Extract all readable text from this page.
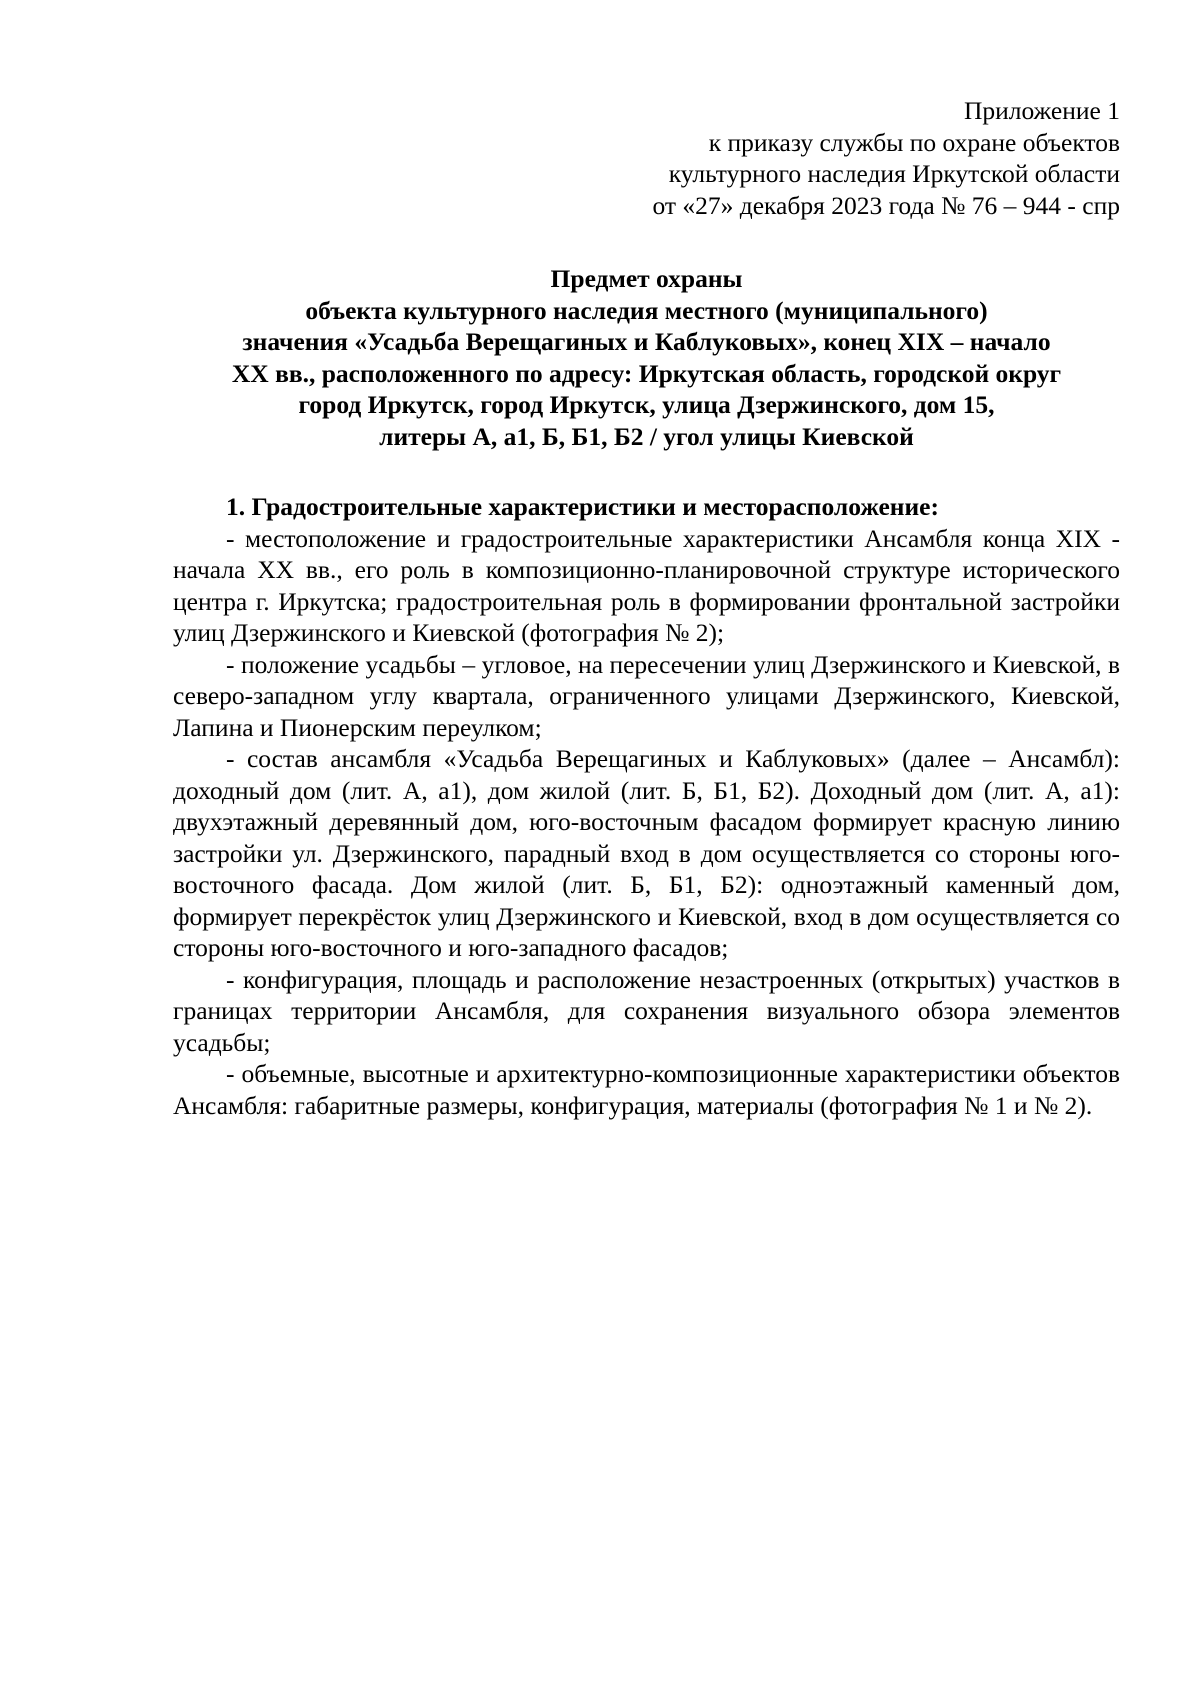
Приложение 1
к приказу службы по охране объектов
культурного наследия Иркутской области
от «27» декабря 2023 года № 76 – 944 - спр
Предмет охраны
объекта культурного наследия местного (муниципального)
значения «Усадьба Верещагиных и Каблуковых», конец XIX – начало
XX вв., расположенного по адресу: Иркутская область, городской округ
город Иркутск, город Иркутск, улица Дзержинского, дом 15,
литеры А, а1, Б, Б1, Б2 / угол улицы Киевской
1. Градостроительные характеристики и месторасположение:

- местоположение и градостроительные характеристики Ансамбля конца XIX - начала XX вв., его роль в композиционно-планировочной структуре исторического центра г. Иркутска; градостроительная роль в формировании фронтальной застройки улиц Дзержинского и Киевской (фотография № 2);

- положение усадьбы – угловое, на пересечении улиц Дзержинского и Киевской, в северо-западном углу квартала, ограниченного улицами Дзержинского, Киевской, Лапина и Пионерским переулком;

- состав ансамбля «Усадьба Верещагиных и Каблуковых» (далее – Ансамбл): доходный дом (лит. А, а1), дом жилой (лит. Б, Б1, Б2). Доходный дом (лит. А, а1): двухэтажный деревянный дом, юго-восточным фасадом формирует красную линию застройки ул. Дзержинского, парадный вход в дом осуществляется со стороны юго-восточного фасада. Дом жилой (лит. Б, Б1, Б2): одноэтажный каменный дом, формирует перекрёсток улиц Дзержинского и Киевской, вход в дом осуществляется со стороны юго-восточного и юго-западного фасадов;

- конфигурация, площадь и расположение незастроенных (открытых) участков в границах территории Ансамбля, для сохранения визуального обзора элементов усадьбы;

- объемные, высотные и архитектурно-композиционные характеристики объектов Ансамбля: габаритные размеры, конфигурация, материалы (фотография № 1 и № 2).
